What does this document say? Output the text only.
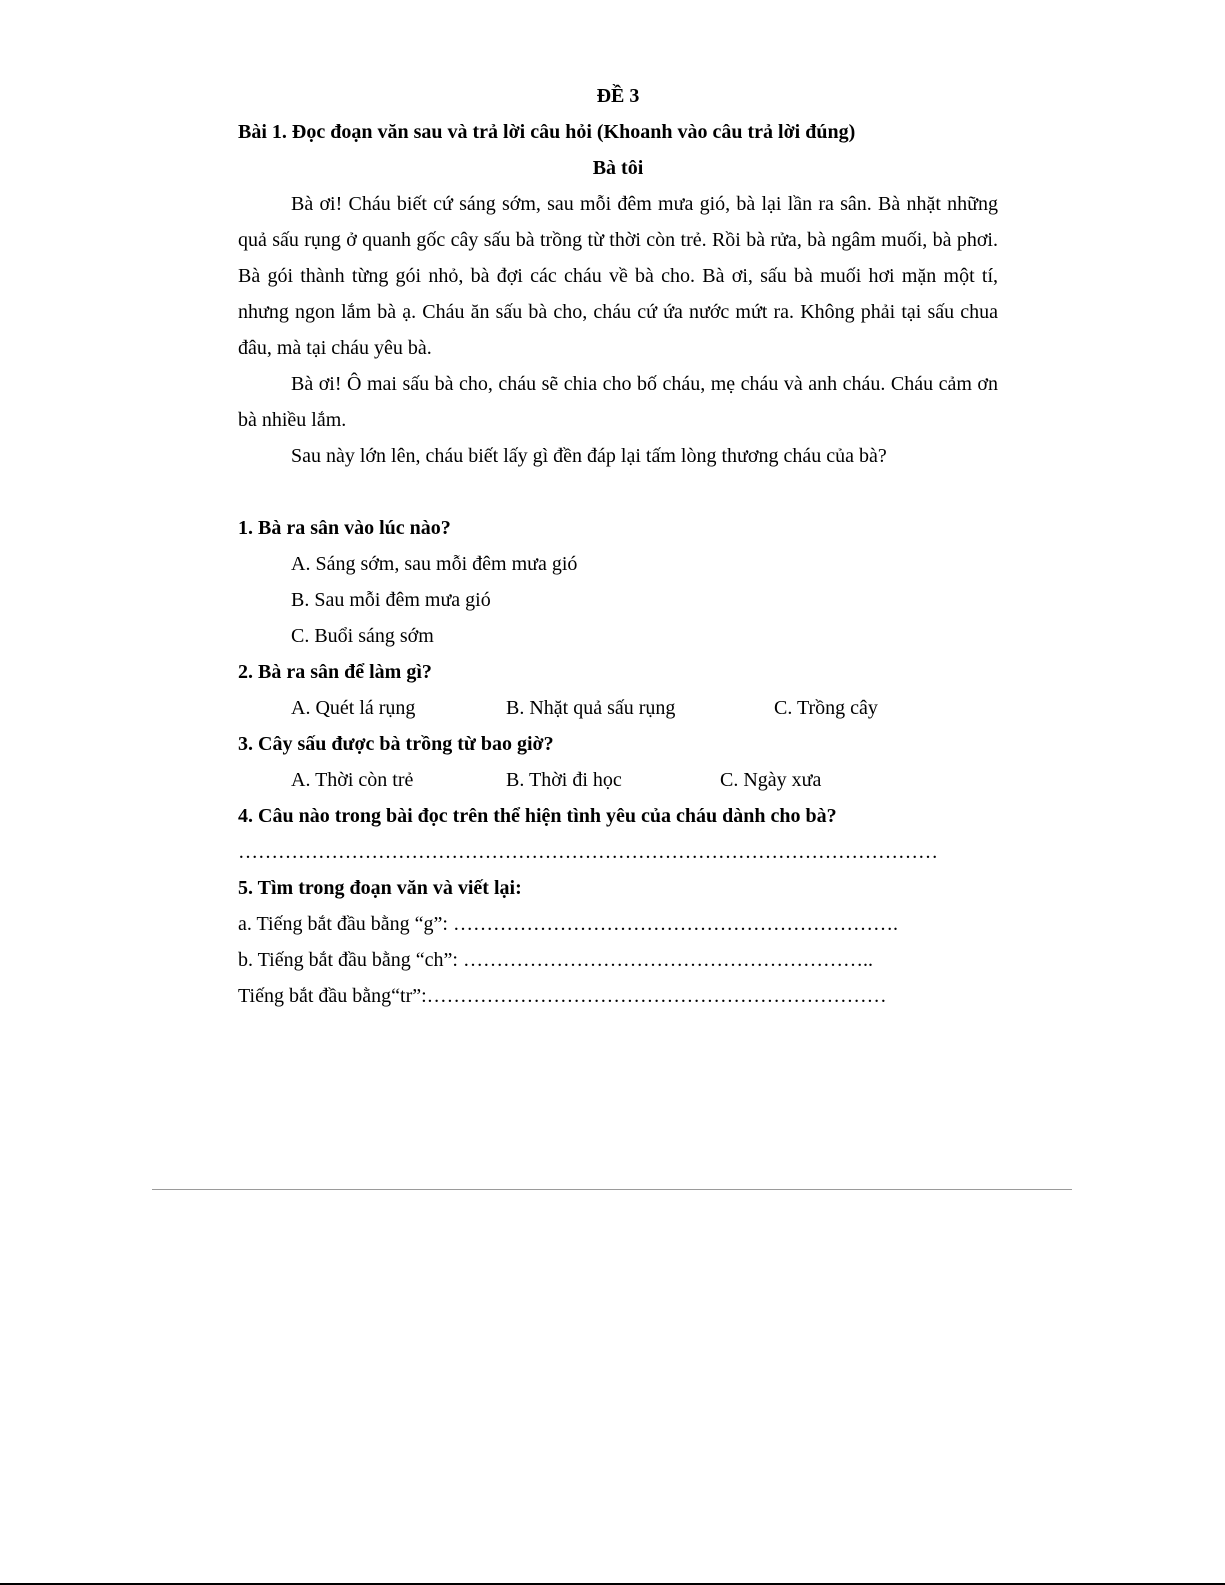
ĐỀ 3
Bài 1. Đọc đoạn văn sau và trả lời câu hỏi (Khoanh vào câu trả lời đúng)
Bà tôi

Bà ơi! Cháu biết cứ sáng sớm, sau mỗi đêm mưa gió, bà lại lần ra sân. Bà nhặt những quả sấu rụng ở quanh gốc cây sấu bà trồng từ thời còn trẻ. Rồi bà rửa, bà ngâm muối, bà phơi. Bà gói thành từng gói nhỏ, bà đợi các cháu về bà cho. Bà ơi, sấu bà muối hơi mặn một tí, nhưng ngon lắm bà ạ. Cháu ăn sấu bà cho, cháu cứ ứa nước mứt ra. Không phải tại sấu chua đâu, mà tại cháu yêu bà.

Bà ơi! Ô mai sấu bà cho, cháu sẽ chia cho bố cháu, mẹ cháu và anh cháu. Cháu cảm ơn bà nhiều lắm.

Sau này lớn lên, cháu biết lấy gì đền đáp lại tấm lòng thương cháu của bà?

1. Bà ra sân vào lúc nào?
A. Sáng sớm, sau mỗi đêm mưa gió
B. Sau mỗi đêm mưa gió
C. Buổi sáng sớm
2. Bà ra sân để làm gì?
A. Quét lá rụng	B. Nhặt quả sấu rụng	C. Trồng cây
3. Cây sấu được bà trồng từ bao giờ?
A. Thời còn trẻ	B. Thời đi học	C. Ngày xưa
4. Câu nào trong bài đọc trên thể hiện tình yêu của cháu dành cho bà?
……………………………………………………………………………………………
5. Tìm trong đoạn văn và viết lại:
a. Tiếng bắt đầu bằng “g”: ………………………………………………………….
b. Tiếng bắt đầu bằng “ch”: ……………………………………………………..
Tiếng bắt đầu bằng“tr”:……………………………………………………………
